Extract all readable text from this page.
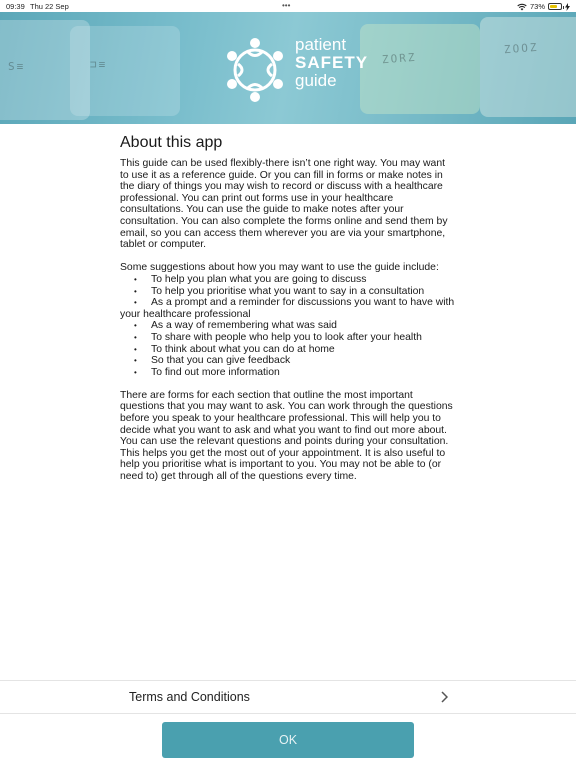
09:39 Thu 22 Sep	•••	73%
ZORZ
ZOOZ
S≡	⊐≡
patient
SAFETY
guide
About this app

This guide can be used flexibly-there isn’t one right way. You may want to use it as a reference guide. Or you can fill in forms or make notes in the diary of things you may wish to record or discuss with a healthcare professional. You can print out forms use in your healthcare consultations. You can use the guide to make notes after your consultation. You can also complete the forms online and send them by email, so you can access them wherever you are via your smartphone, tablet or computer.

Some suggestions about how you may want to use the guide include:

• To help you plan what you are going to discuss
• To help you prioritise what you want to say in a consultation
• As a prompt and a reminder for discussions you want to have with

your healthcare professional

• As a way of remembering what was said
• To share with people who help you to look after your health
• To think about what you can do at home
• So that you can give feedback
• To find out more information

There are forms for each section that outline the most important questions that you may want to ask. You can work through the questions before you speak to your healthcare professional. This will help you to decide what you want to ask and what you want to find out more about. You can use the relevant questions and points during your consultation. This helps you get the most out of your appointment. It is also useful to help you prioritise what is important to you. You may not be able to (or need to) get through all of the questions every time.

Terms and Conditions
OK
